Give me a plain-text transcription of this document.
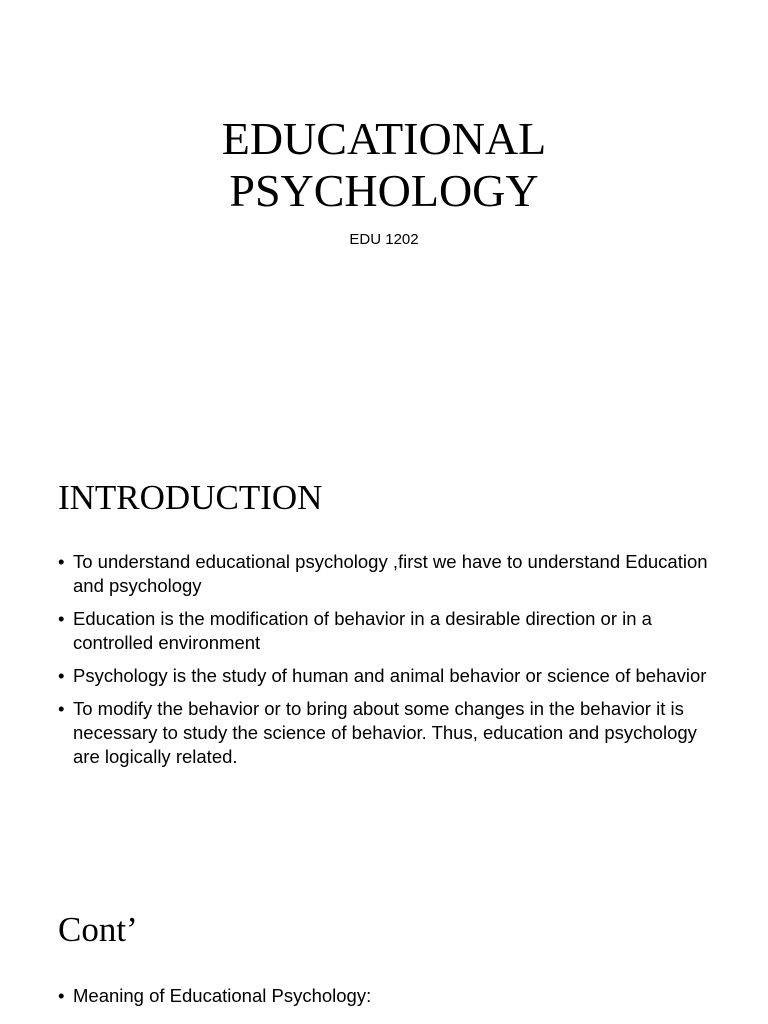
EDUCATIONAL
PSYCHOLOGY
EDU 1202
INTRODUCTION
• To understand educational psychology ,first we have to understand Education and psychology
• Education is the modification of behavior in a desirable direction or in a controlled environment
• Psychology is the study of human and animal behavior or science of behavior
• To modify the behavior or to bring about some changes in the behavior it is necessary to study the science of behavior. Thus, education and psychology are logically related.
Cont’
• Meaning of Educational Psychology:
